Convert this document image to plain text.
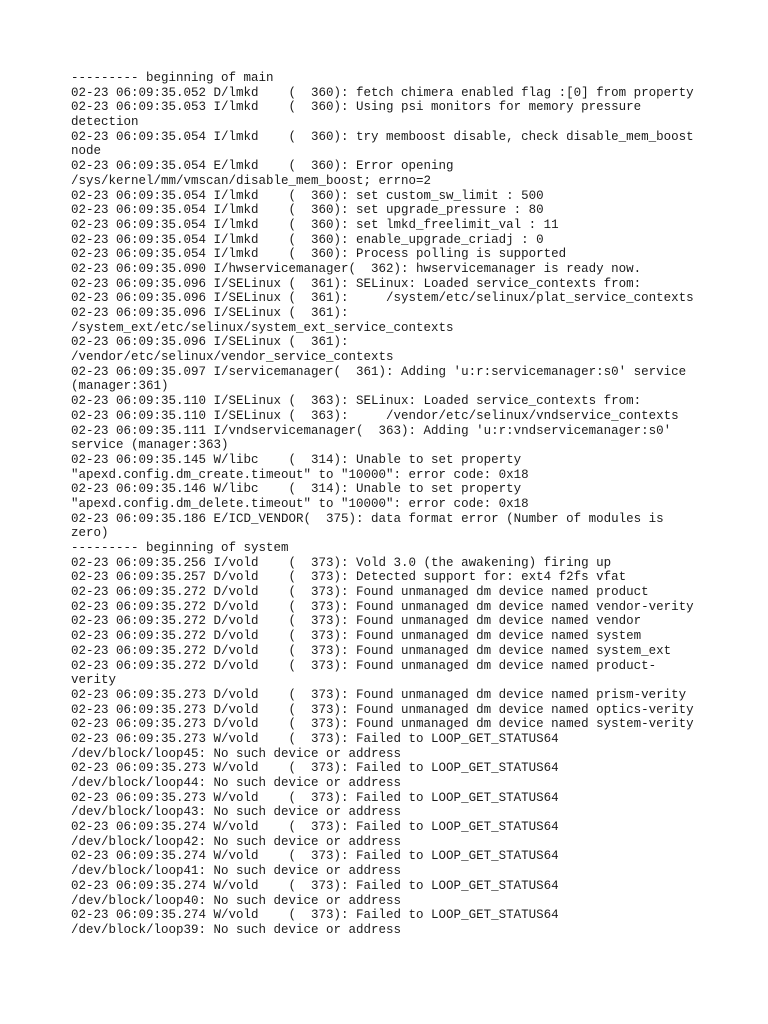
--------- beginning of main
02-23 06:09:35.052 D/lmkd    (  360): fetch chimera enabled flag :[0] from property
02-23 06:09:35.053 I/lmkd    (  360): Using psi monitors for memory pressure
detection
02-23 06:09:35.054 I/lmkd    (  360): try memboost disable, check disable_mem_boost
node
02-23 06:09:35.054 E/lmkd    (  360): Error opening
/sys/kernel/mm/vmscan/disable_mem_boost; errno=2
02-23 06:09:35.054 I/lmkd    (  360): set custom_sw_limit : 500
02-23 06:09:35.054 I/lmkd    (  360): set upgrade_pressure : 80
02-23 06:09:35.054 I/lmkd    (  360): set lmkd_freelimit_val : 11
02-23 06:09:35.054 I/lmkd    (  360): enable_upgrade_criadj : 0
02-23 06:09:35.054 I/lmkd    (  360): Process polling is supported
02-23 06:09:35.090 I/hwservicemanager(  362): hwservicemanager is ready now.
02-23 06:09:35.096 I/SELinux (  361): SELinux: Loaded service_contexts from:
02-23 06:09:35.096 I/SELinux (  361):     /system/etc/selinux/plat_service_contexts
02-23 06:09:35.096 I/SELinux (  361):
/system_ext/etc/selinux/system_ext_service_contexts
02-23 06:09:35.096 I/SELinux (  361):
/vendor/etc/selinux/vendor_service_contexts
02-23 06:09:35.097 I/servicemanager(  361): Adding 'u:r:servicemanager:s0' service
(manager:361)
02-23 06:09:35.110 I/SELinux (  363): SELinux: Loaded service_contexts from:
02-23 06:09:35.110 I/SELinux (  363):     /vendor/etc/selinux/vndservice_contexts
02-23 06:09:35.111 I/vndservicemanager(  363): Adding 'u:r:vndservicemanager:s0'
service (manager:363)
02-23 06:09:35.145 W/libc    (  314): Unable to set property
"apexd.config.dm_create.timeout" to "10000": error code: 0x18
02-23 06:09:35.146 W/libc    (  314): Unable to set property
"apexd.config.dm_delete.timeout" to "10000": error code: 0x18
02-23 06:09:35.186 E/ICD_VENDOR(  375): data format error (Number of modules is
zero)
--------- beginning of system
02-23 06:09:35.256 I/vold    (  373): Vold 3.0 (the awakening) firing up
02-23 06:09:35.257 D/vold    (  373): Detected support for: ext4 f2fs vfat
02-23 06:09:35.272 D/vold    (  373): Found unmanaged dm device named product
02-23 06:09:35.272 D/vold    (  373): Found unmanaged dm device named vendor-verity
02-23 06:09:35.272 D/vold    (  373): Found unmanaged dm device named vendor
02-23 06:09:35.272 D/vold    (  373): Found unmanaged dm device named system
02-23 06:09:35.272 D/vold    (  373): Found unmanaged dm device named system_ext
02-23 06:09:35.272 D/vold    (  373): Found unmanaged dm device named product-
verity
02-23 06:09:35.273 D/vold    (  373): Found unmanaged dm device named prism-verity
02-23 06:09:35.273 D/vold    (  373): Found unmanaged dm device named optics-verity
02-23 06:09:35.273 D/vold    (  373): Found unmanaged dm device named system-verity
02-23 06:09:35.273 W/vold    (  373): Failed to LOOP_GET_STATUS64
/dev/block/loop45: No such device or address
02-23 06:09:35.273 W/vold    (  373): Failed to LOOP_GET_STATUS64
/dev/block/loop44: No such device or address
02-23 06:09:35.273 W/vold    (  373): Failed to LOOP_GET_STATUS64
/dev/block/loop43: No such device or address
02-23 06:09:35.274 W/vold    (  373): Failed to LOOP_GET_STATUS64
/dev/block/loop42: No such device or address
02-23 06:09:35.274 W/vold    (  373): Failed to LOOP_GET_STATUS64
/dev/block/loop41: No such device or address
02-23 06:09:35.274 W/vold    (  373): Failed to LOOP_GET_STATUS64
/dev/block/loop40: No such device or address
02-23 06:09:35.274 W/vold    (  373): Failed to LOOP_GET_STATUS64
/dev/block/loop39: No such device or address
